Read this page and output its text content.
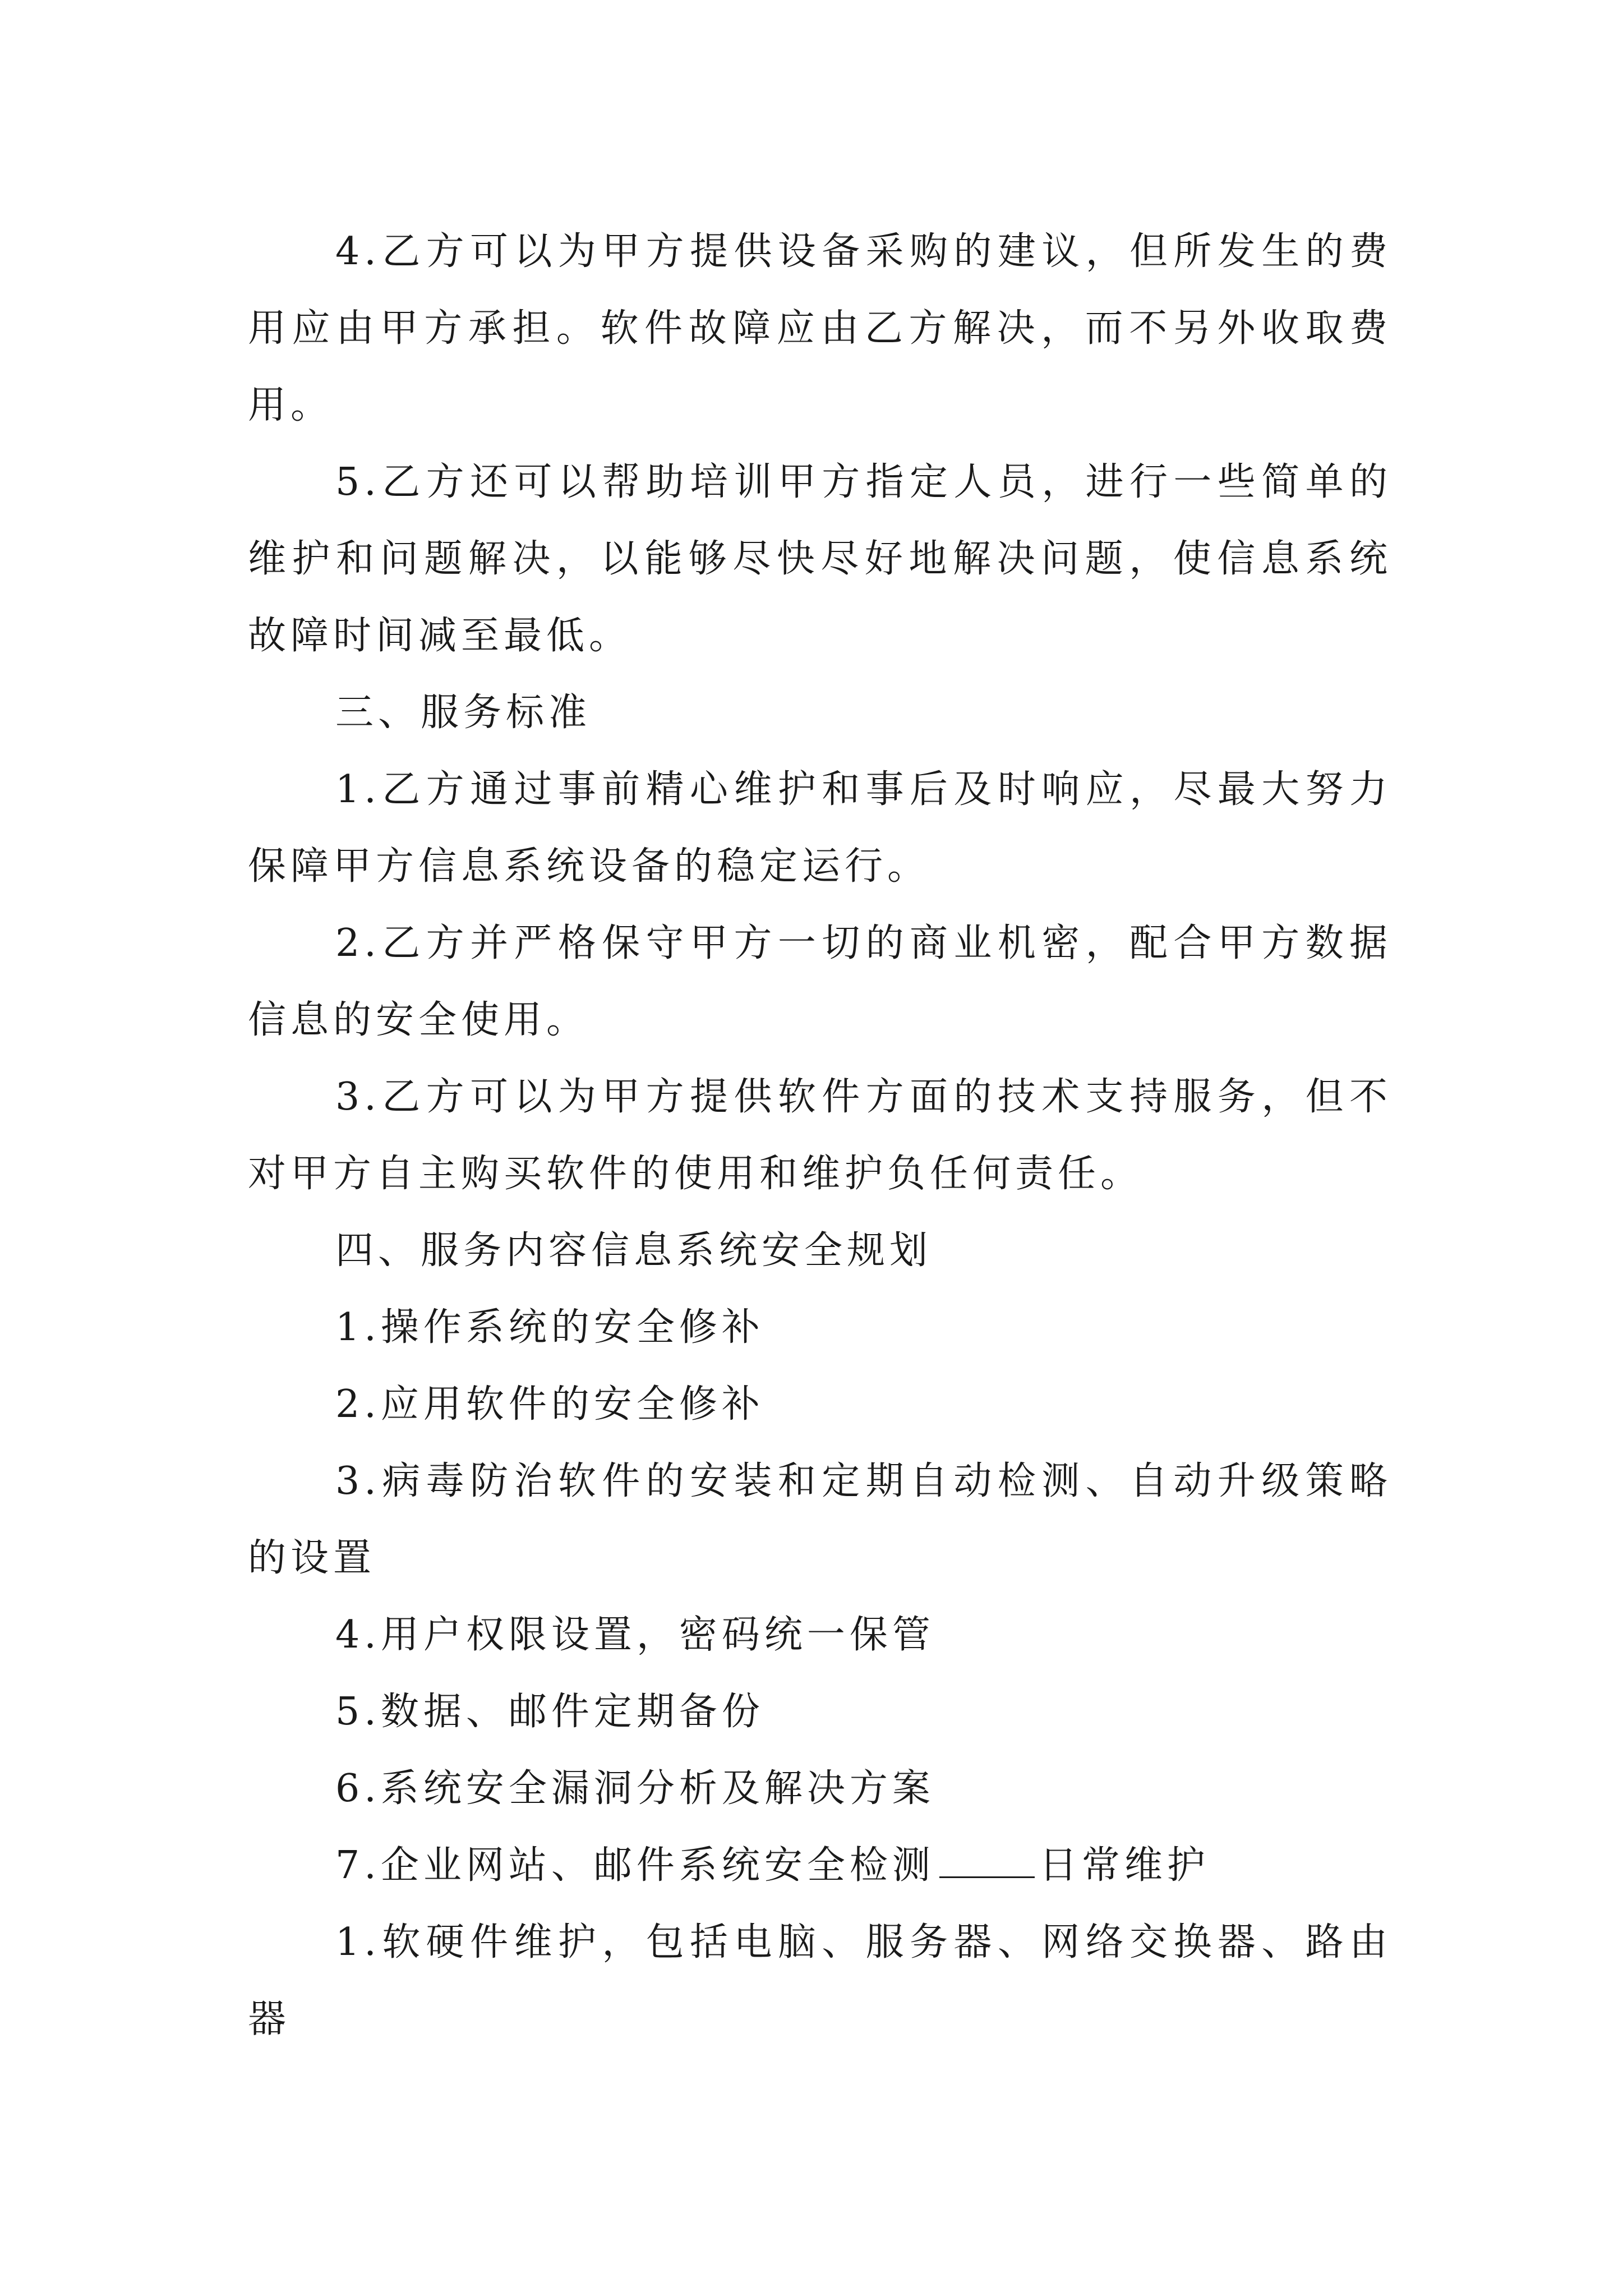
4.乙方可以为甲方提供设备采购的建议，但所发生的费用应由甲方承担。软件故障应由乙方解决，而不另外收取费用。

5.乙方还可以帮助培训甲方指定人员，进行一些简单的维护和问题解决，以能够尽快尽好地解决问题，使信息系统故障时间减至最低。

三、服务标准

1.乙方通过事前精心维护和事后及时响应，尽最大努力保障甲方信息系统设备的稳定运行。

2.乙方并严格保守甲方一切的商业机密，配合甲方数据信息的安全使用。

3.乙方可以为甲方提供软件方面的技术支持服务，但不对甲方自主购买软件的使用和维护负任何责任。

四、服务内容信息系统安全规划

1.操作系统的安全修补

2.应用软件的安全修补

3.病毒防治软件的安装和定期自动检测、自动升级策略的设置

4.用户权限设置，密码统一保管

5.数据、邮件定期备份

6.系统安全漏洞分析及解决方案

7.企业网站、邮件系统安全检测	日常维护

1.软硬件维护，包括电脑、服务器、网络交换器、路由器
